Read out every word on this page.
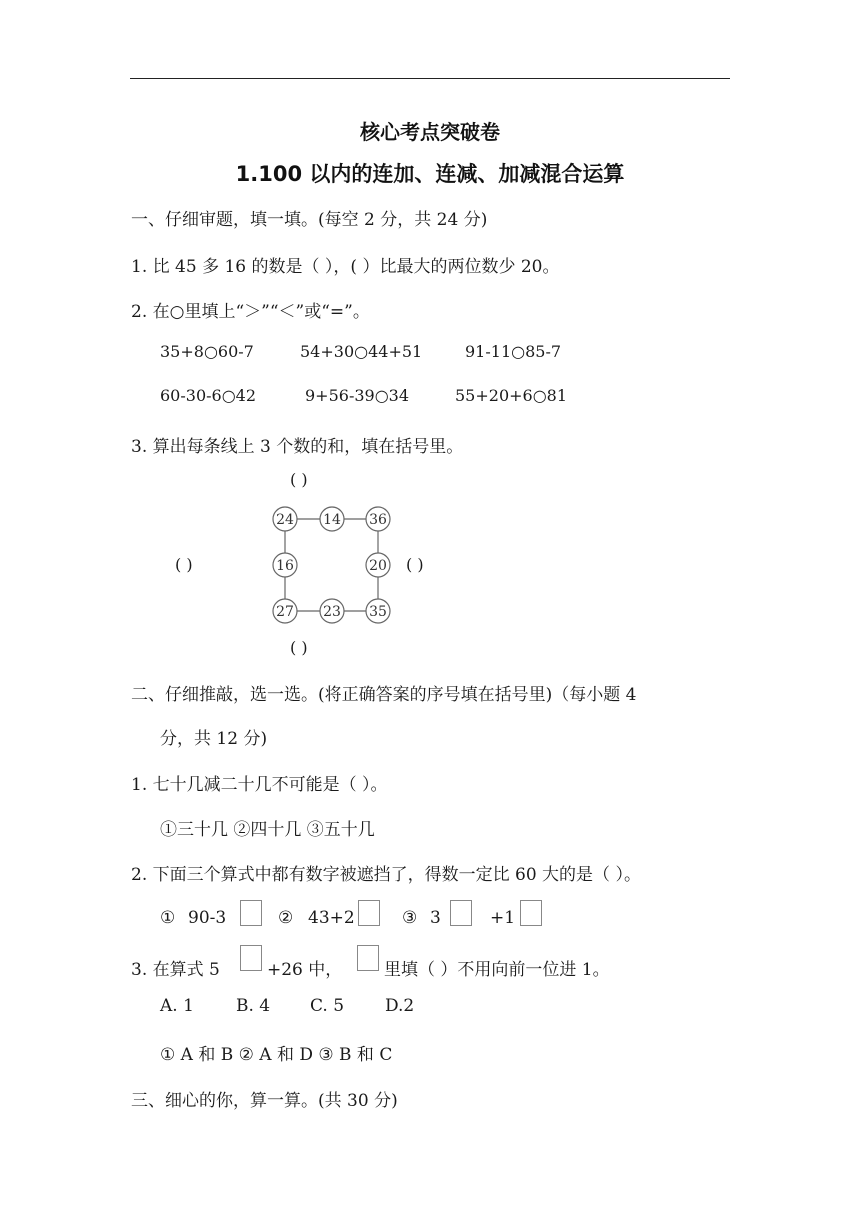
核心考点突破卷
1.100 以内的连加、连减、加减混合运算
一、仔细审题，填一填。(每空 2 分，共 24 分)
1. 比 45 多 16 的数是（ ），( ）比最大的两位数少 20。
2. 在○里填上“＞”“＜”或“=”。
35+8○60-7	54+30○44+51	91-11○85-7
60-30-6○42	9+56-39○34	55+20+6○81
3. 算出每条线上 3 个数的和，填在括号里。
( )
( )	( )
( )
24 14 36
16	20
27 23 35
二、仔细推敲，选一选。(将正确答案的序号填在括号里)（每小题 4
分，共 12 分)
1. 七十几减二十几不可能是（ ）。
①三十几 ②四十几 ③五十几
2. 下面三个算式中都有数字被遮挡了，得数一定比 60 大的是（ ）。
① 90-3	② 43+2	③ 3	+1
3. 在算式 5	+26 中， 里填（ ）不用向前一位进 1。
A. 1 B. 4 C. 5 D.2
① A 和 B ② A 和 D ③ B 和 C
三、细心的你，算一算。(共 30 分)
